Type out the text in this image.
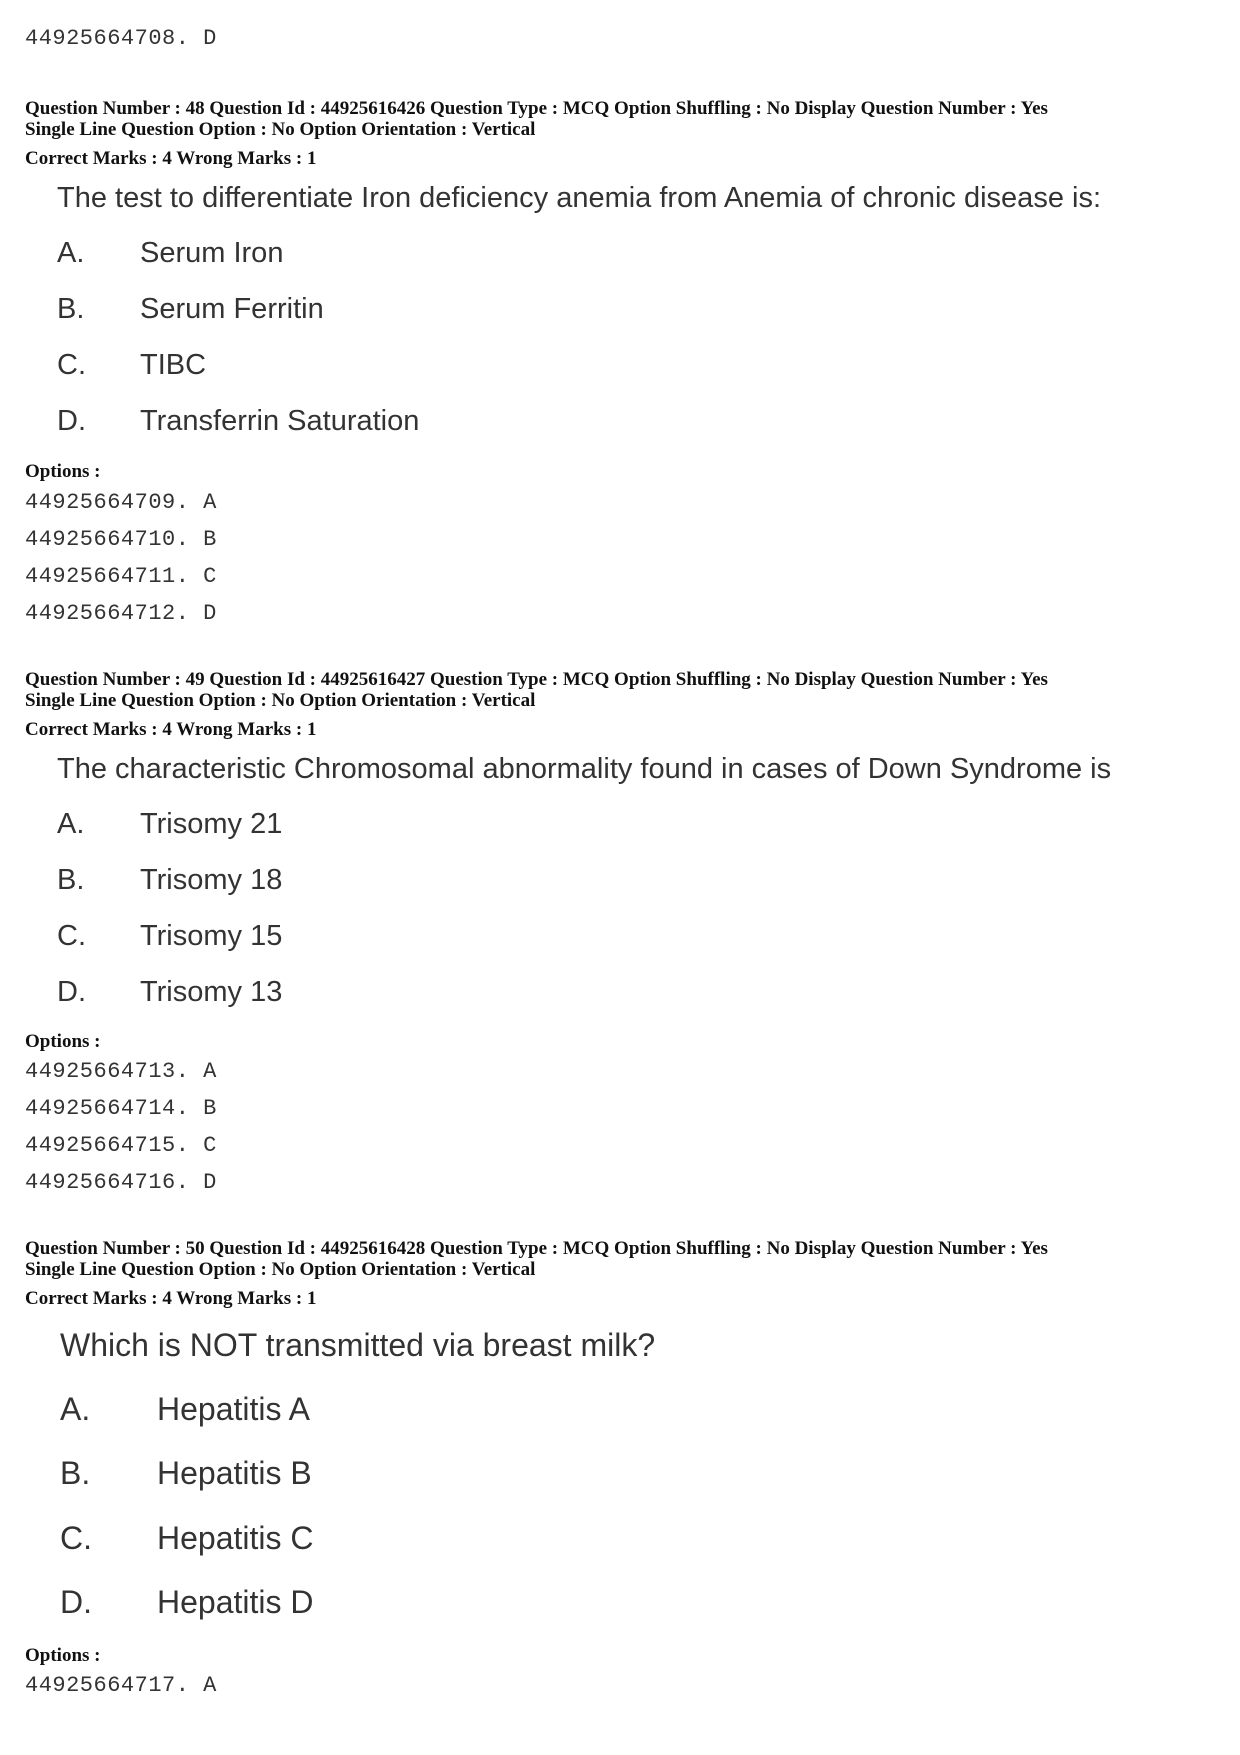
44925664708. D
Question Number : 48 Question Id : 44925616426 Question Type : MCQ Option Shuffling : No Display Question Number : Yes
Single Line Question Option : No Option Orientation : Vertical
Correct Marks : 4 Wrong Marks : 1
The test to differentiate Iron deficiency anemia from Anemia of chronic disease is:
A. Serum Iron
B. Serum Ferritin
C. TIBC
D. Transferrin Saturation
Options :
44925664709. A
44925664710. B
44925664711. C
44925664712. D
Question Number : 49 Question Id : 44925616427 Question Type : MCQ Option Shuffling : No Display Question Number : Yes
Single Line Question Option : No Option Orientation : Vertical
Correct Marks : 4 Wrong Marks : 1
The characteristic Chromosomal abnormality found in cases of Down Syndrome is
A. Trisomy 21
B. Trisomy 18
C. Trisomy 15
D. Trisomy 13
Options :
44925664713. A
44925664714. B
44925664715. C
44925664716. D
Question Number : 50 Question Id : 44925616428 Question Type : MCQ Option Shuffling : No Display Question Number : Yes
Single Line Question Option : No Option Orientation : Vertical
Correct Marks : 4 Wrong Marks : 1
Which is NOT transmitted via breast milk?
A. Hepatitis A
B. Hepatitis B
C. Hepatitis C
D. Hepatitis D
Options :
44925664717. A
